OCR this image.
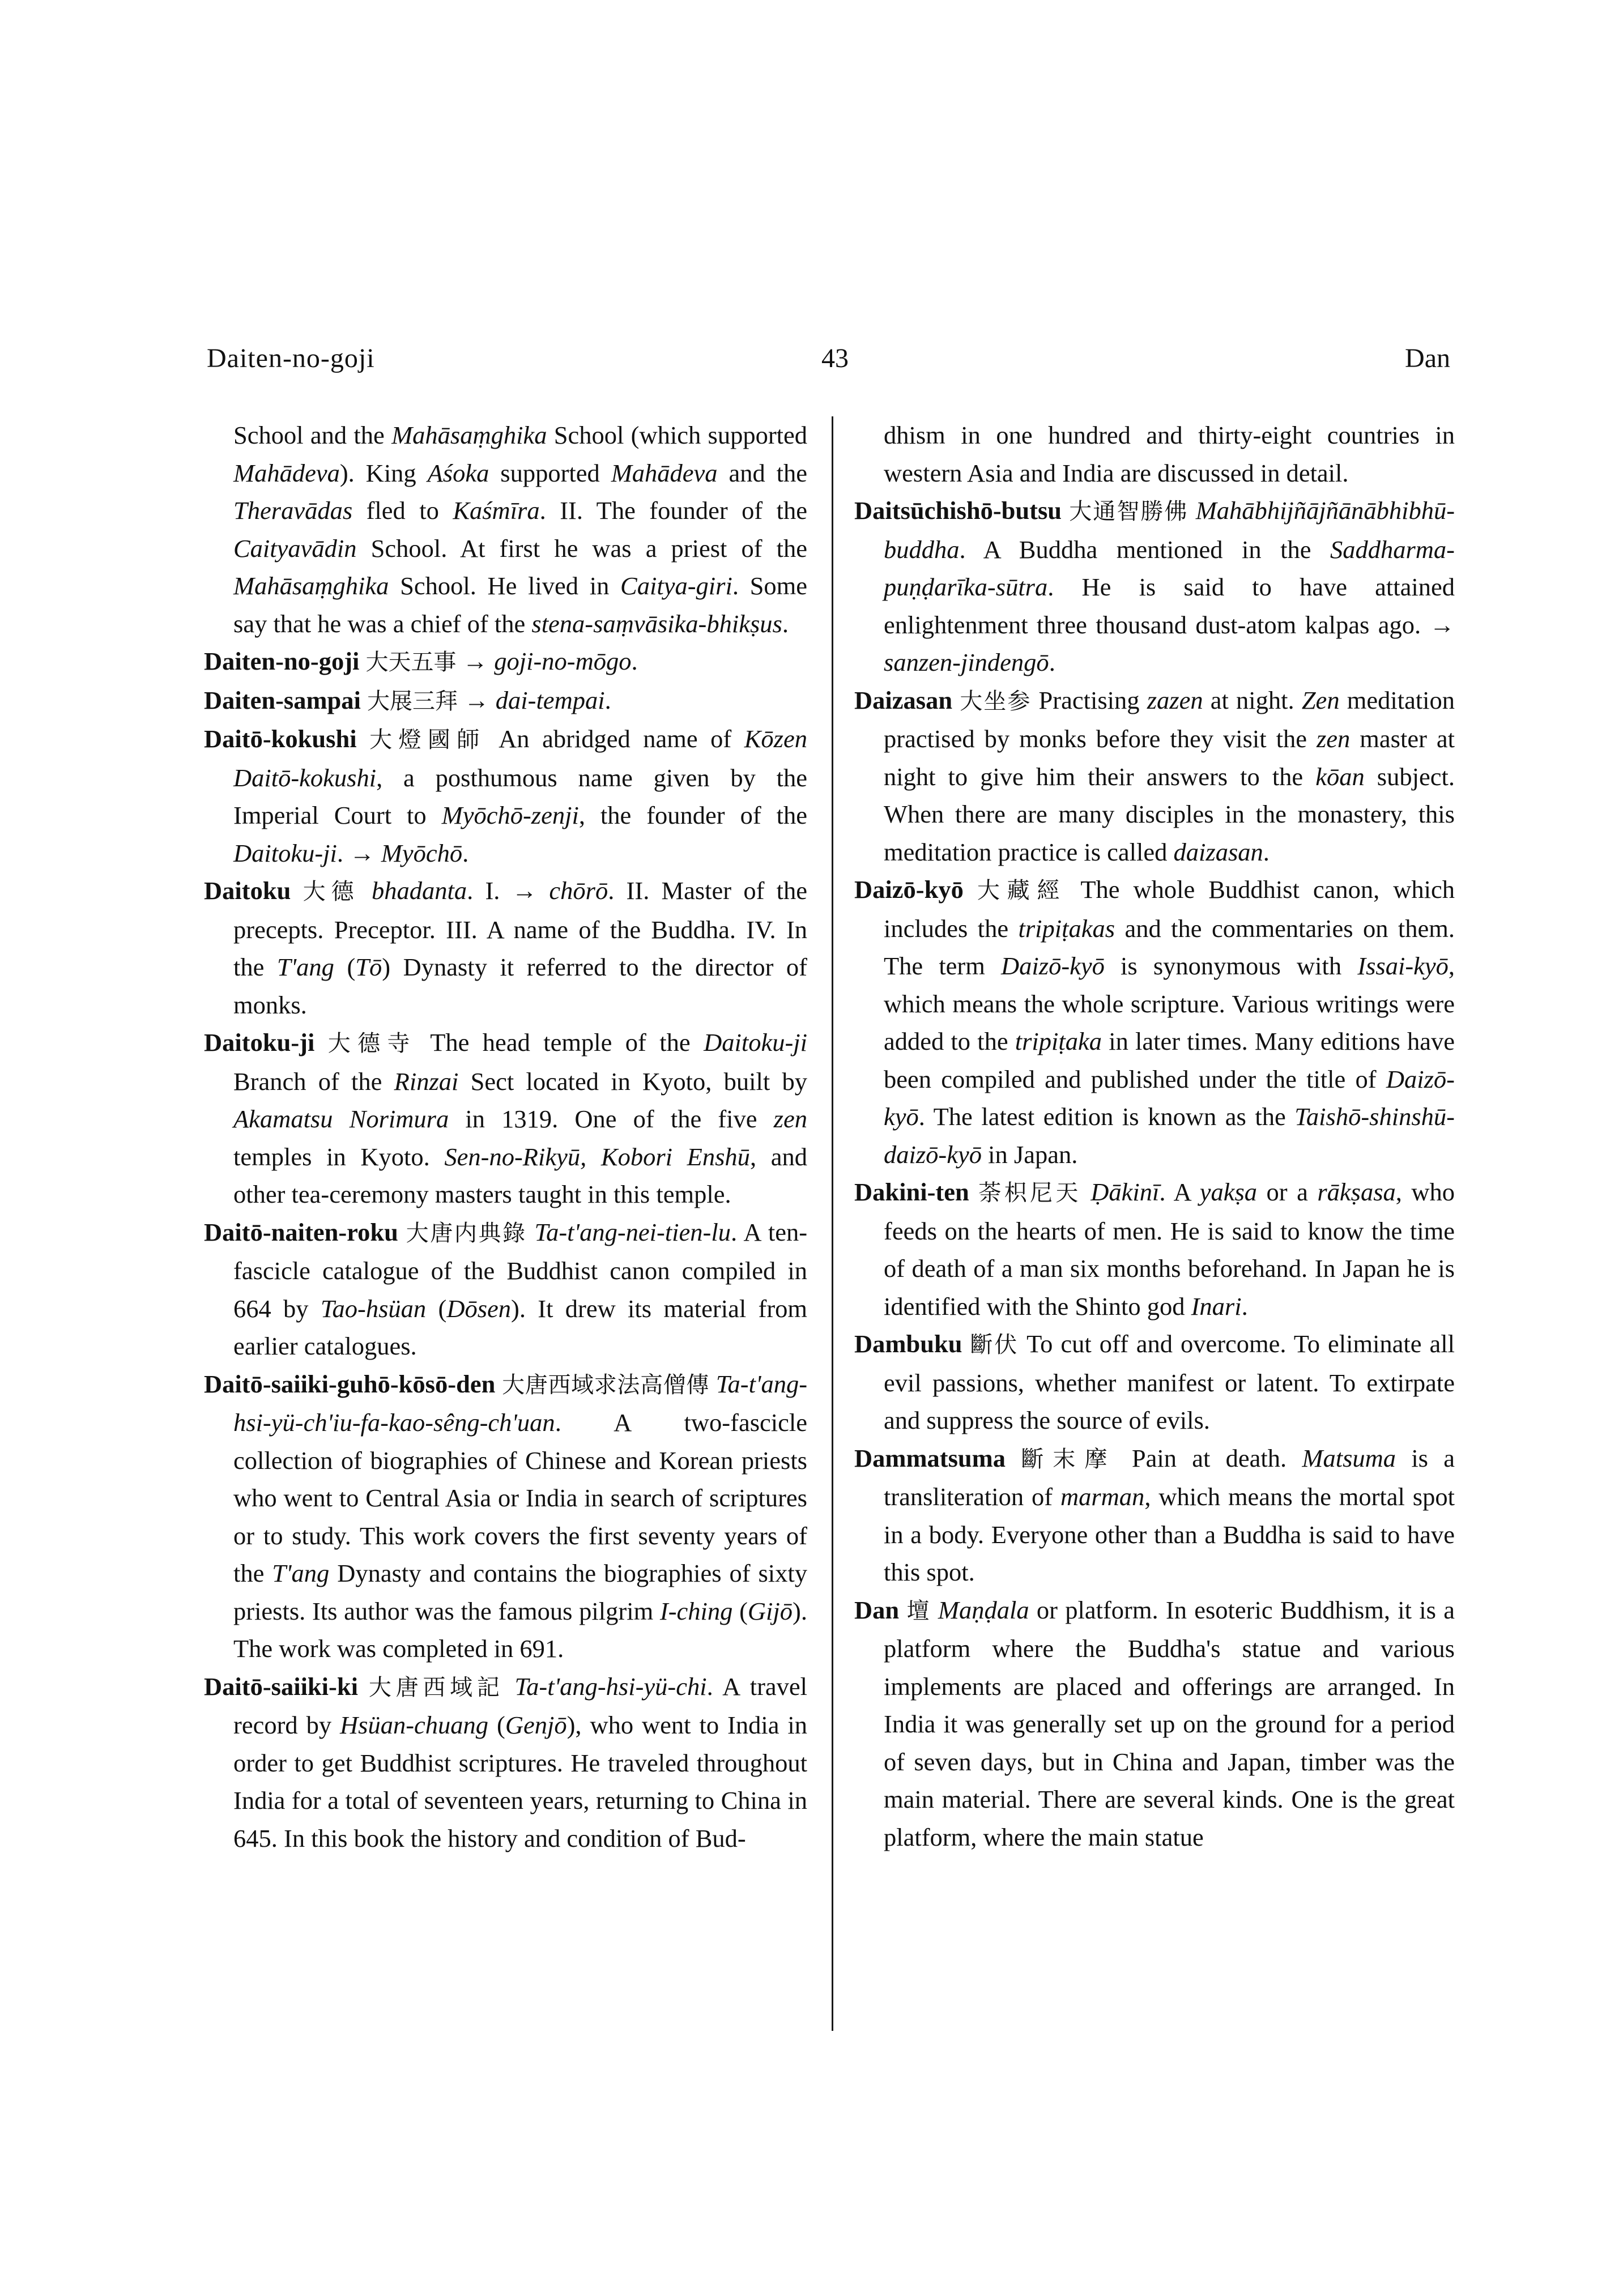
Daiten-no-goji	43	Dan

School and the Mahāsaṃghika School (which supported Mahādeva). King Aśoka supported Mahādeva and the Theravādas fled to Kaśmīra. II. The founder of the Caityavādin School. At first he was a priest of the Mahāsaṃghika School. He lived in Caitya-giri. Some say that he was a chief of the stena-saṃvāsika-bhikṣus.

Daiten-no-goji 大天五事 → goji-no-mōgo.

Daiten-sampai 大展三拜 → dai-tempai.

Daitō-kokushi 大燈國師 An abridged name of Kōzen Daitō-kokushi, a posthumous name given by the Imperial Court to Myōchō-zenji, the founder of the Daitoku-ji. → Myōchō.

Daitoku 大德 bhadanta. I. → chōrō. II. Master of the precepts. Preceptor. III. A name of the Buddha. IV. In the T'ang (Tō) Dynasty it referred to the director of monks.

Daitoku-ji 大德寺 The head temple of the Daitoku-ji Branch of the Rinzai Sect located in Kyoto, built by Akamatsu Norimura in 1319. One of the five zen temples in Kyoto. Sen-no-Rikyū, Kobori Enshū, and other tea-ceremony masters taught in this temple.

Daitō-naiten-roku 大唐内典錄 Ta-t'ang-nei-tien-lu. A ten-fascicle catalogue of the Buddhist canon compiled in 664 by Tao-hsüan (Dōsen). It drew its material from earlier catalogues.

Daitō-saiiki-guhō-kōsō-den 大唐西域求法高僧傳 Ta-t'ang-hsi-yü-ch'iu-fa-kao-sêng-ch'uan. A two-fascicle collection of biographies of Chinese and Korean priests who went to Central Asia or India in search of scriptures or to study. This work covers the first seventy years of the T'ang Dynasty and contains the biographies of sixty priests. Its author was the famous pilgrim I-ching (Gijō). The work was completed in 691.

Daitō-saiiki-ki 大唐西域記 Ta-t'ang-hsi-yü-chi. A travel record by Hsüan-chuang (Genjō), who went to India in order to get Buddhist scriptures. He traveled throughout India for a total of seventeen years, returning to China in 645. In this book the history and condition of Bud-

dhism in one hundred and thirty-eight countries in western Asia and India are discussed in detail.

Daitsūchishō-butsu 大通智勝佛 Mahābhijñājñānābhibhū-buddha. A Buddha mentioned in the Saddharma-puṇḍarīka-sūtra. He is said to have attained enlightenment three thousand dust-atom kalpas ago. → sanzen-jindengō.

Daizasan 大坐参 Practising zazen at night. Zen meditation practised by monks before they visit the zen master at night to give him their answers to the kōan subject. When there are many disciples in the monastery, this meditation practice is called daizasan.

Daizō-kyō 大藏經 The whole Buddhist canon, which includes the tripiṭakas and the commentaries on them. The term Daizō-kyō is synonymous with Issai-kyō, which means the whole scripture. Various writings were added to the tripiṭaka in later times. Many editions have been compiled and published under the title of Daizō-kyō. The latest edition is known as the Taishō-shinshū-daizō-kyō in Japan.

Dakini-ten 荼枳尼天 Ḍākinī. A yakṣa or a rākṣasa, who feeds on the hearts of men. He is said to know the time of death of a man six months beforehand. In Japan he is identified with the Shinto god Inari.

Dambuku 斷伏 To cut off and overcome. To eliminate all evil passions, whether manifest or latent. To extirpate and suppress the source of evils.

Dammatsuma 斷末摩 Pain at death. Matsuma is a transliteration of marman, which means the mortal spot in a body. Everyone other than a Buddha is said to have this spot.

Dan 壇 Maṇḍala or platform. In esoteric Buddhism, it is a platform where the Buddha's statue and various implements are placed and offerings are arranged. In India it was generally set up on the ground for a period of seven days, but in China and Japan, timber was the main material. There are several kinds. One is the great platform, where the main statue
